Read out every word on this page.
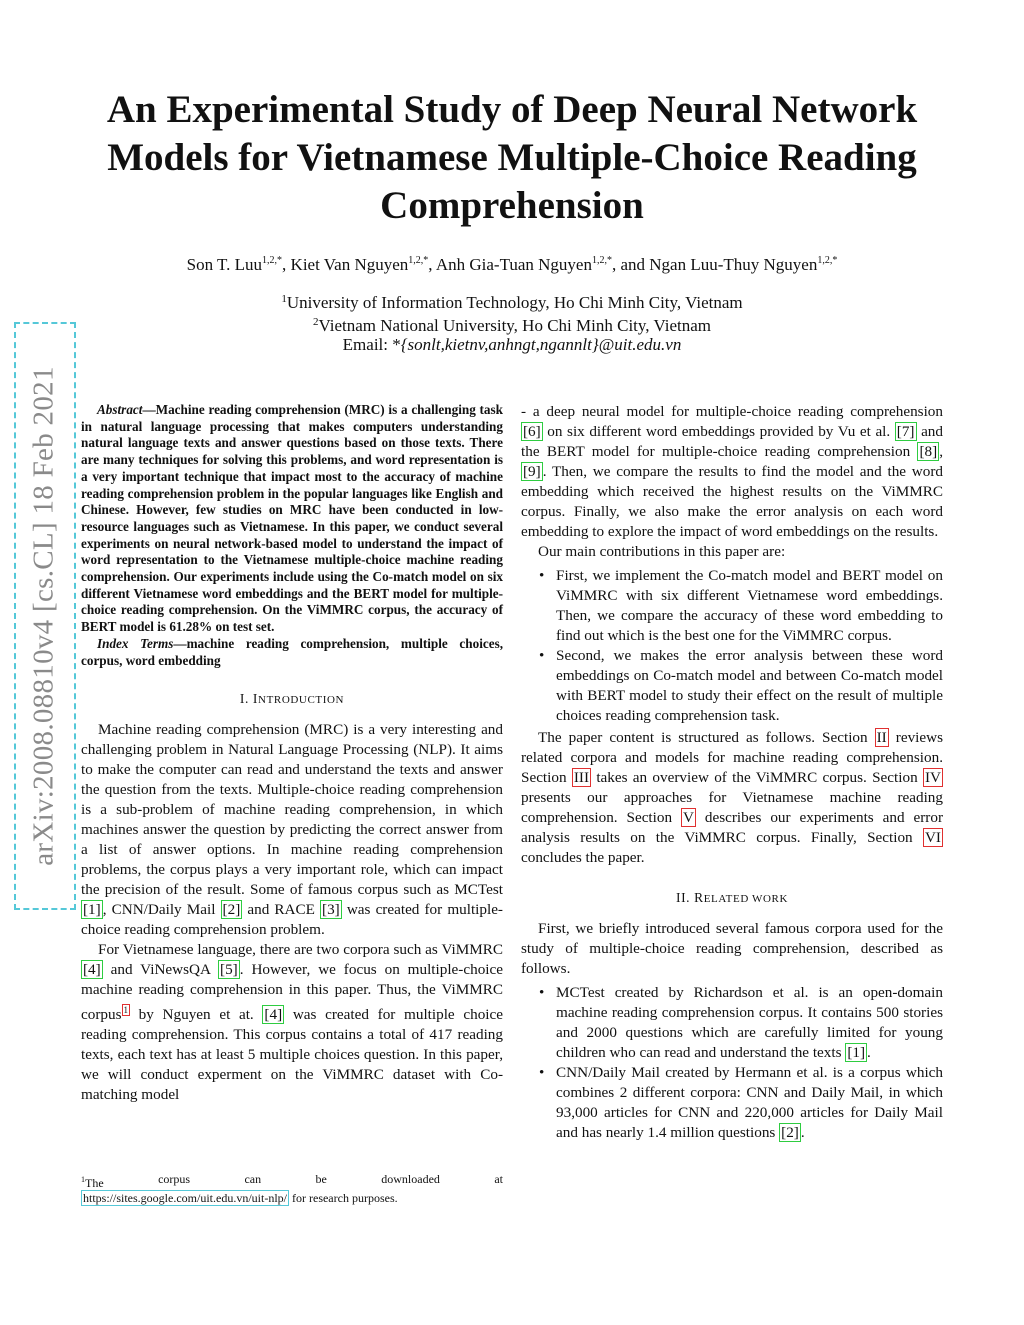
arXiv:2008.08810v4 [cs.CL] 18 Feb 2021
An Experimental Study of Deep Neural Network Models for Vietnamese Multiple-Choice Reading Comprehension
Son T. Luu$^{1,2,*}$, Kiet Van Nguyen$^{1,2,*}$, Anh Gia-Tuan Nguyen$^{1,2,*}$, and Ngan Luu-Thuy Nguyen$^{1,2,*}$
$^1$University of Information Technology, Ho Chi Minh City, Vietnam
$^2$Vietnam National University, Ho Chi Minh City, Vietnam
Email: *{sonlt,kietnv,anhngt,ngannlt}@uit.edu.vn

Abstract—Machine reading comprehension (MRC) is a challenging task in natural language processing that makes computers understanding natural language texts and answer questions based on those texts. There are many techniques for solving this problems, and word representation is a very important technique that impact most to the accuracy of machine reading comprehension problem in the popular languages like English and Chinese. However, few studies on MRC have been conducted in low-resource languages such as Vietnamese. In this paper, we conduct several experiments on neural network-based model to understand the impact of word representation to the Vietnamese multiple-choice machine reading comprehension. Our experiments include using the Co-match model on six different Vietnamese word embeddings and the BERT model for multiple-choice reading comprehension. On the ViMMRC corpus, the accuracy of BERT model is 61.28% on test set.

Index Terms—machine reading comprehension, multiple choices, corpus, word embedding

I. INTRODUCTION

Machine reading comprehension (MRC) is a very interesting and challenging problem in Natural Language Processing (NLP). It aims to make the computer can read and understand the texts and answer the question from the texts. Multiple-choice reading comprehension is a sub-problem of machine reading comprehension, in which machines answer the question by predicting the correct answer from a list of answer options. In machine reading comprehension problems, the corpus plays a very important role, which can impact the precision of the result. Some of famous corpus such as MCTest [1] , CNN/Daily Mail [2] and RACE [3] was created for multiple-choice reading comprehension problem.

For Vietnamese language, there are two corpora such as ViMMRC [4] and ViNewsQA [5] . However, we focus on multiple-choice machine reading comprehension in this paper. Thus, the ViMMRC corpus $^1$ by Nguyen et at. [4] was created for multiple choice reading comprehension. This corpus contains a total of 417 reading texts, each text has at least 5 multiple choices question. In this paper, we will conduct experment on the ViMMRC dataset with Co-matching model

$^1$The	corpus	can	be	downloaded	at
https://sites.google.com/uit.edu.vn/uit-nlp/ for research purposes.

- a deep neural model for multiple-choice reading comprehension [6] on six different word embeddings provided by Vu et al. [7] and the BERT model for multiple-choice reading comprehension [8] , [9] . Then, we compare the results to find the model and the word embedding which received the highest results on the ViMMRC corpus. Finally, we also make the error analysis on each word embedding to explore the impact of word embeddings on the results.

Our main contributions in this paper are:

• First, we implement the Co-match model and BERT model on ViMMRC with six different Vietnamese word embeddings. Then, we compare the accuracy of these word embedding to find out which is the best one for the ViMMRC corpus.
• Second, we makes the error analysis between these word embeddings on Co-match model and between Co-match model with BERT model to study their effect on the result of multiple choices reading comprehension task.

The paper content is structured as follows. Section II reviews related corpora and models for machine reading comprehension. Section III takes an overview of the ViMMRC corpus. Section IV presents our approaches for Vietnamese machine reading comprehension. Section V describes our experiments and error analysis results on the ViMMRC corpus. Finally, Section VI concludes the paper.

II. RELATED WORK

First, we briefly introduced several famous corpora used for the study of multiple-choice reading comprehension, described as follows.

• MCTest created by Richardson et al. is an open-domain machine reading comprehension corpus. It contains 500 stories and 2000 questions which are carefully limited for young children who can read and understand the texts [1] .
• CNN/Daily Mail created by Hermann et al. is a corpus which combines 2 different corpora: CNN and Daily Mail, in which 93,000 articles for CNN and 220,000 articles for Daily Mail and has nearly 1.4 million questions [2] .
